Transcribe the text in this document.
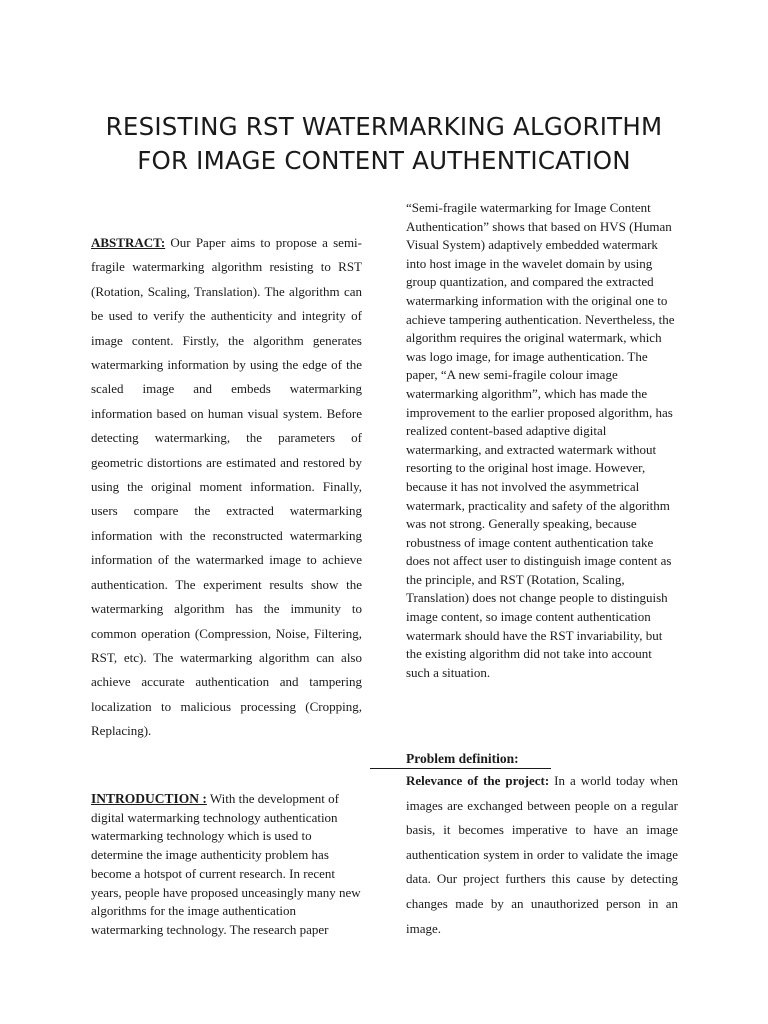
RESISTING RST WATERMARKING ALGORITHM
FOR IMAGE CONTENT AUTHENTICATION

ABSTRACT: Our Paper aims to propose a semi-fragile watermarking algorithm resisting to RST (Rotation, Scaling, Translation). The algorithm can be used to verify the authenticity and integrity of image content. Firstly, the algorithm generates watermarking information by using the edge of the scaled image and embeds watermarking information based on human visual system. Before detecting watermarking, the parameters of geometric distortions are estimated and restored by using the original moment information. Finally, users compare the extracted watermarking information with the reconstructed watermarking information of the watermarked image to achieve authentication. The experiment results show the watermarking algorithm has the immunity to common operation (Compression, Noise, Filtering, RST, etc). The watermarking algorithm can also achieve accurate authentication and tampering localization to malicious processing (Cropping, Replacing).

INTRODUCTION : With the development of digital watermarking technology authentication watermarking technology which is used to determine the image authenticity problem has become a hotspot of current research. In recent years, people have proposed unceasingly many new algorithms for the image authentication watermarking technology. The research paper

“Semi-fragile watermarking for Image Content Authentication” shows that based on HVS (Human Visual System) adaptively embedded watermark into host image in the wavelet domain by using group quantization, and compared the extracted watermarking information with the original one to achieve tampering authentication. Nevertheless, the algorithm requires the original watermark, which was logo image, for image authentication. The paper, “A new semi-fragile colour image watermarking algorithm”, which has made the improvement to the earlier proposed algorithm, has realized content-based adaptive digital watermarking, and extracted watermark without resorting to the original host image. However, because it has not involved the asymmetrical watermark, practicality and safety of the algorithm was not strong. Generally speaking, because robustness of image content authentication take does not affect user to distinguish image content as the principle, and RST (Rotation, Scaling, Translation) does not change people to distinguish image content, so image content authentication watermark should have the RST invariability, but the existing algorithm did not take into account such a situation.

Problem definition:

Relevance of the project: In a world today when images are exchanged between people on a regular basis, it becomes imperative to have an image authentication system in order to validate the image data. Our project furthers this cause by detecting changes made by an unauthorized person in an image.
